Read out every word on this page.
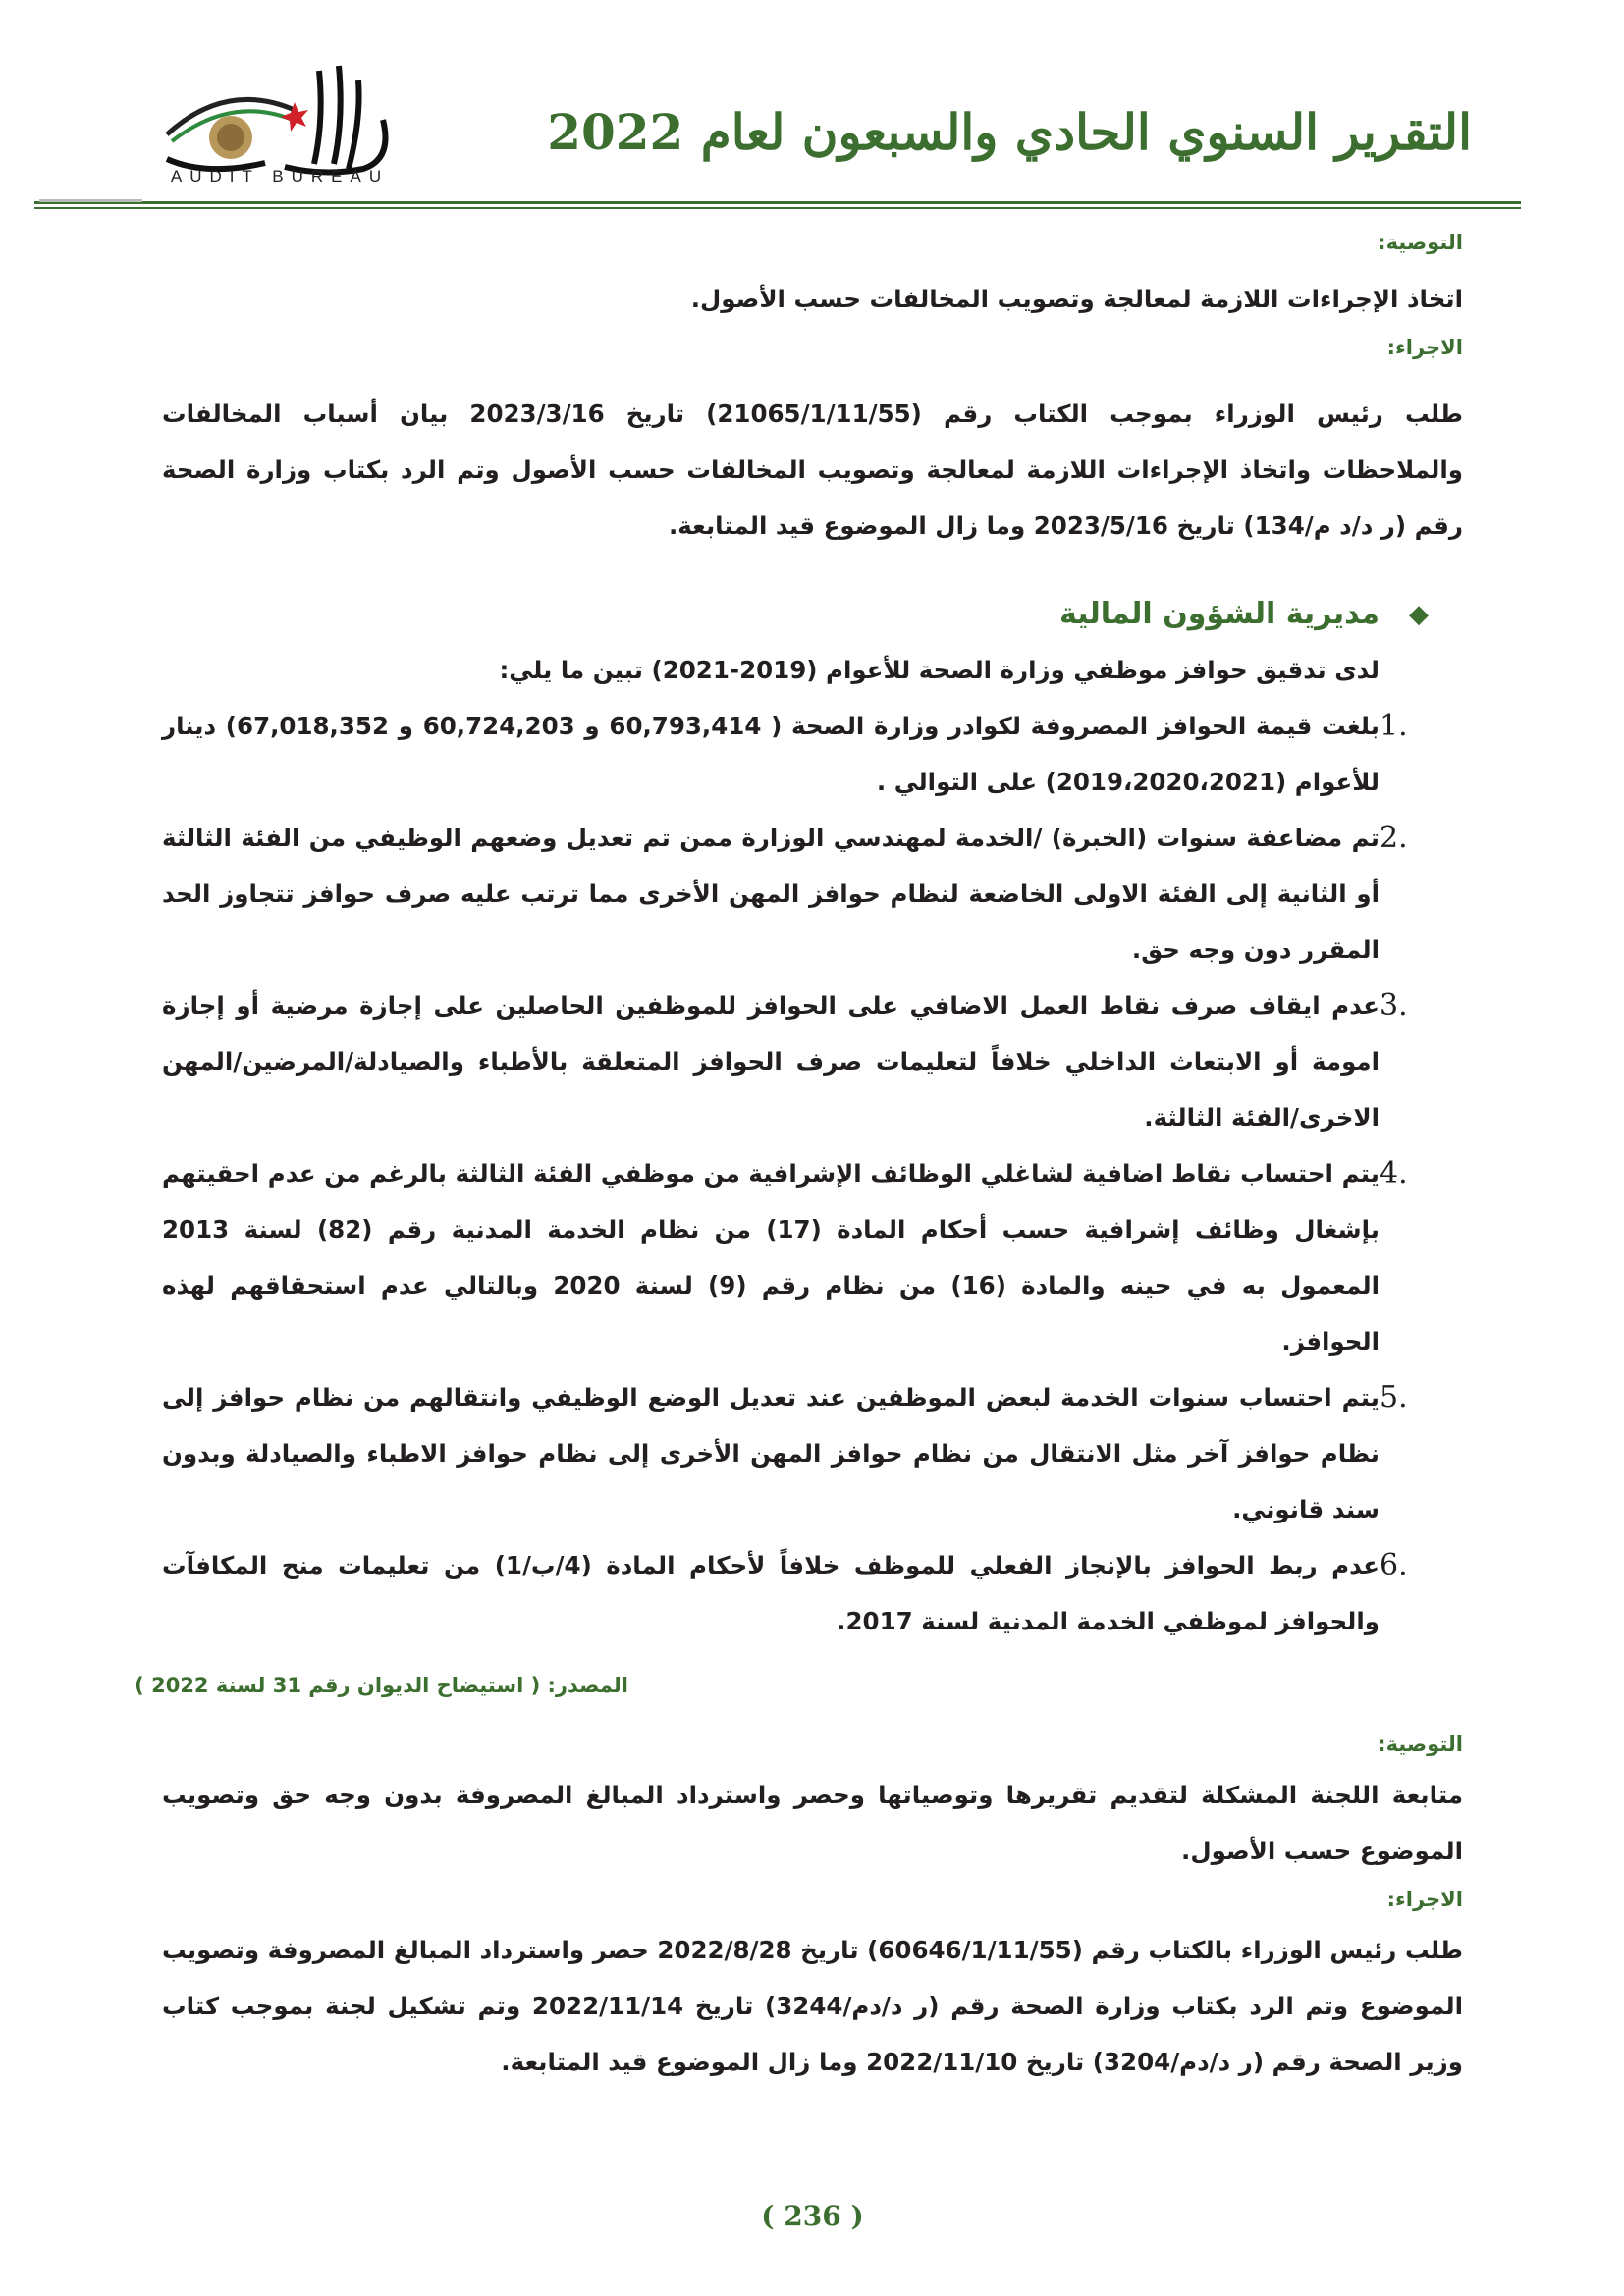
التقرير السنوي الحادي والسبعون لعام 2022
AUDIT BUREAU
التوصية:
اتخاذ الإجراءات اللازمة لمعالجة وتصويب المخالفات حسب الأصول.
الاجراء:
طلب رئيس الوزراء بموجب الكتاب رقم (21065/1/11/55) تاريخ 2023/3/16 بيان أسباب المخالفات والملاحظات واتخاذ الإجراءات اللازمة لمعالجة وتصويب المخالفات حسب الأصول وتم الرد بكتاب وزارة الصحة رقم (ر د/د م/134) تاريخ 2023/5/16 وما زال الموضوع قيد المتابعة.
◆
مديرية الشؤون المالية
لدى تدقيق حوافز موظفي وزارة الصحة للأعوام (2019-2021) تبين ما يلي:
1.
بلغت قيمة الحوافز المصروفة لكوادر وزارة الصحة ( 60,793,414 و 60,724,203 و 67,018,352) دينار للأعوام (2019،2020،2021) على التوالي .
2.
تم مضاعفة سنوات (الخبرة) /الخدمة لمهندسي الوزارة ممن تم تعديل وضعهم الوظيفي من الفئة الثالثة أو الثانية إلى الفئة الاولى الخاضعة لنظام حوافز المهن الأخرى مما ترتب عليه صرف حوافز تتجاوز الحد المقرر دون وجه حق.
3.
عدم ايقاف صرف نقاط العمل الاضافي على الحوافز للموظفين الحاصلين على إجازة مرضية أو إجازة امومة أو الابتعاث الداخلي خلافاً لتعليمات صرف الحوافز المتعلقة بالأطباء والصيادلة/المرضين/المهن الاخرى/الفئة الثالثة.
4.
يتم احتساب نقاط اضافية لشاغلي الوظائف الإشرافية من موظفي الفئة الثالثة بالرغم من عدم احقيتهم بإشغال وظائف إشرافية حسب أحكام المادة (17) من نظام الخدمة المدنية رقم (82) لسنة 2013 المعمول به في حينه والمادة (16) من نظام رقم (9) لسنة 2020 وبالتالي عدم استحقاقهم لهذه الحوافز.
5.
يتم احتساب سنوات الخدمة لبعض الموظفين عند تعديل الوضع الوظيفي وانتقالهم من نظام حوافز إلى نظام حوافز آخر مثل الانتقال من نظام حوافز المهن الأخرى إلى نظام حوافز الاطباء والصيادلة وبدون سند قانوني.
6.
عدم ربط الحوافز بالإنجاز الفعلي للموظف خلافاً لأحكام المادة (4/ب/1) من تعليمات منح المكافآت والحوافز لموظفي الخدمة المدنية لسنة 2017.
المصدر: ( استيضاح الديوان رقم 31 لسنة 2022 )
التوصية:
متابعة اللجنة المشكلة لتقديم تقريرها وتوصياتها وحصر واسترداد المبالغ المصروفة بدون وجه حق وتصويب الموضوع حسب الأصول.
الاجراء:
طلب رئيس الوزراء بالكتاب رقم (60646/1/11/55) تاريخ 2022/8/28 حصر واسترداد المبالغ المصروفة وتصويب الموضوع وتم الرد بكتاب وزارة الصحة رقم (ر د/دم/3244) تاريخ 2022/11/14 وتم تشكيل لجنة بموجب كتاب وزير الصحة رقم (ر د/دم/3204) تاريخ 2022/11/10 وما زال الموضوع قيد المتابعة.
( 236 )
